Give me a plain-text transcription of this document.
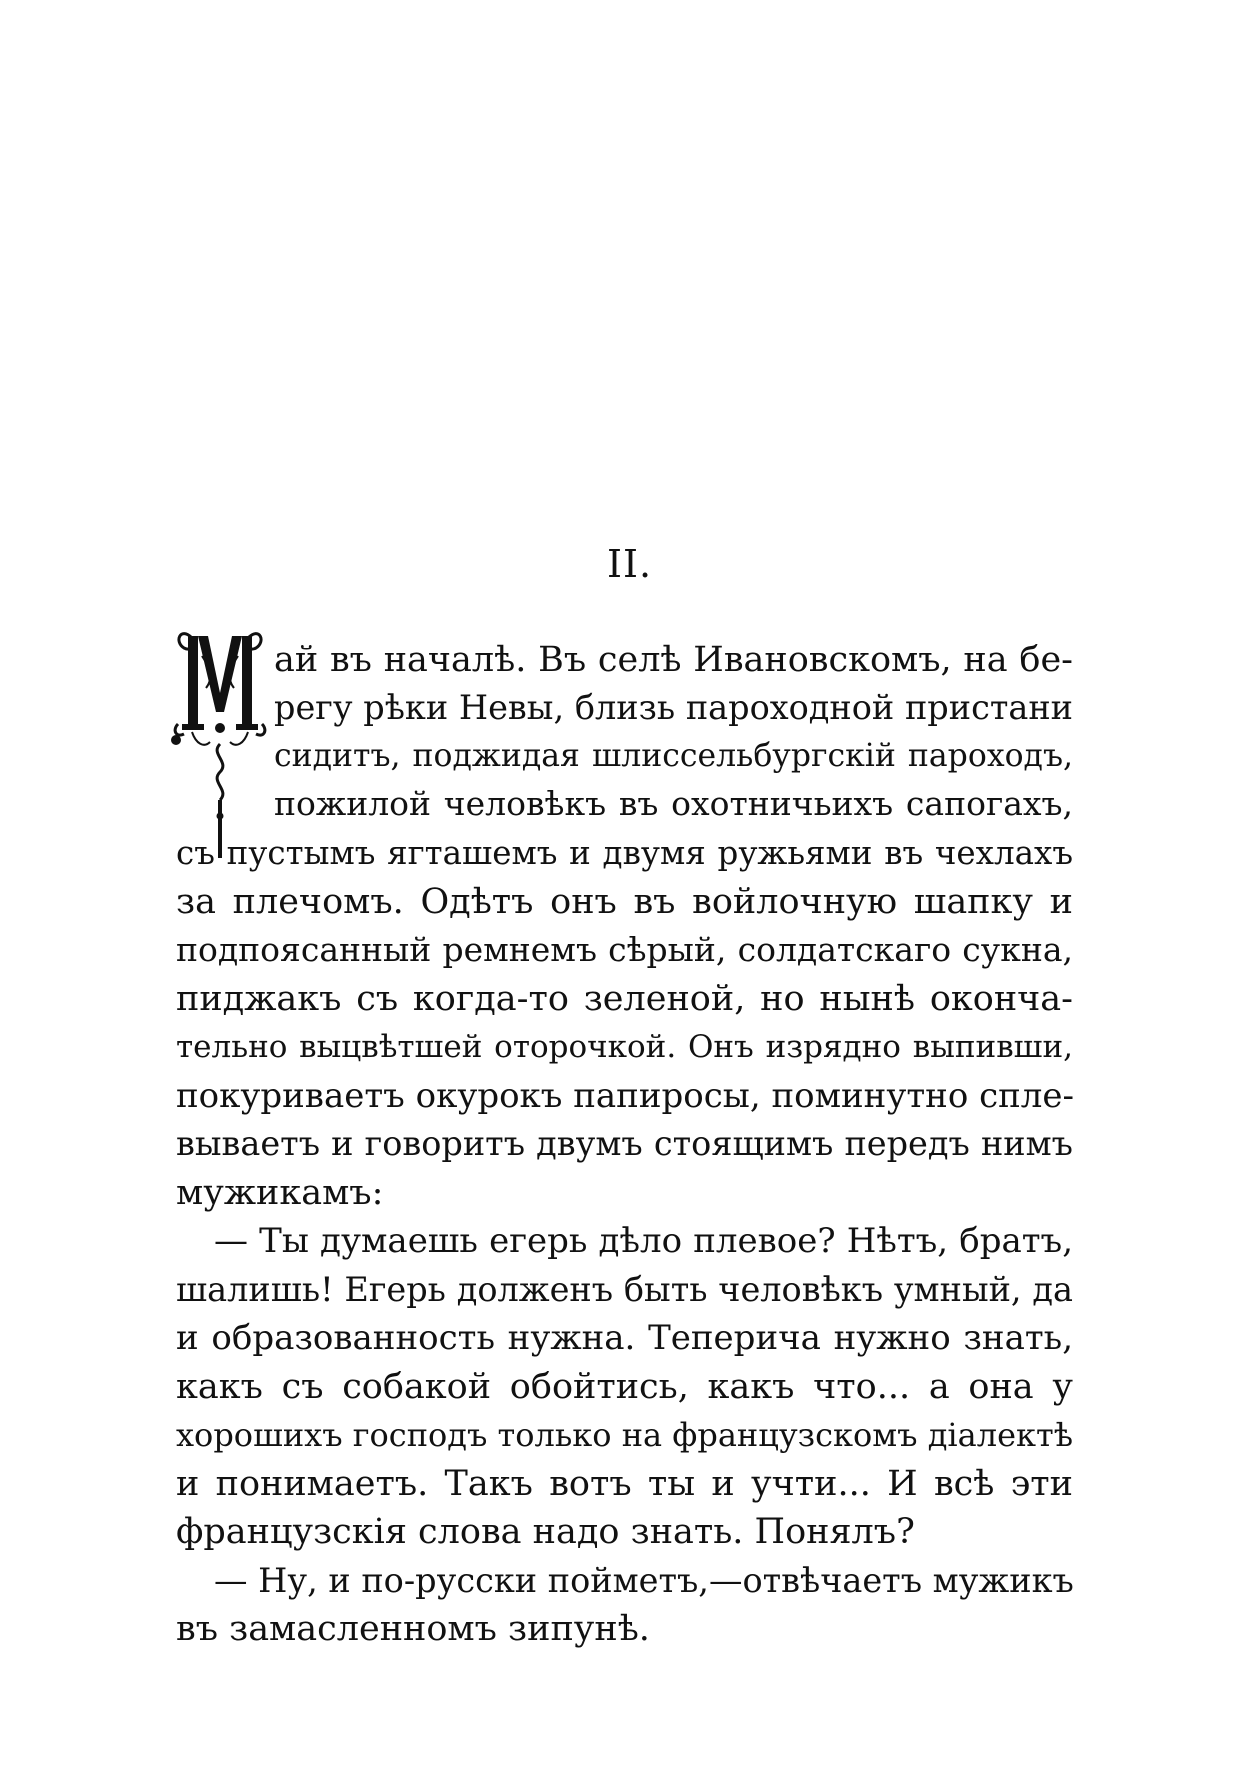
II.
ай въ началѣ. Въ селѣ Ивановскомъ, на бе-
регу рѣки Невы, близь пароходной пристани
сидитъ, поджидая шлиссельбургскій пароходъ,
пожилой человѣкъ въ охотничьихъ сапогахъ,
съ пустымъ ягташемъ и двумя ружьями въ чехлахъ
за плечомъ. Одѣтъ онъ въ войлочную шапку и
подпоясанный ремнемъ сѣрый, солдатскаго сукна,
пиджакъ съ когда-то зеленой, но нынѣ оконча-
тельно выцвѣтшей оторочкой. Онъ изрядно выпивши,
покуриваетъ окурокъ папиросы, поминутно сплe-
вываетъ и говоритъ двумъ стоящимъ передъ нимъ
мужикамъ:
— Ты думаешь егерь дѣло плевое? Нѣтъ, братъ,
шалишь! Егерь долженъ быть человѣкъ умный, да
и образованность нужна. Теперича нужно знать,
какъ съ собакой обойтись, какъ что... а она у
хорошихъ господъ только на французскомъ діалектѣ
и понимаетъ. Такъ вотъ ты и учти... И всѣ эти
французскія слова надо знать. Понялъ?
— Ну, и по-русски пойметъ,—отвѣчаетъ мужикъ
въ замасленномъ зипунѣ.
